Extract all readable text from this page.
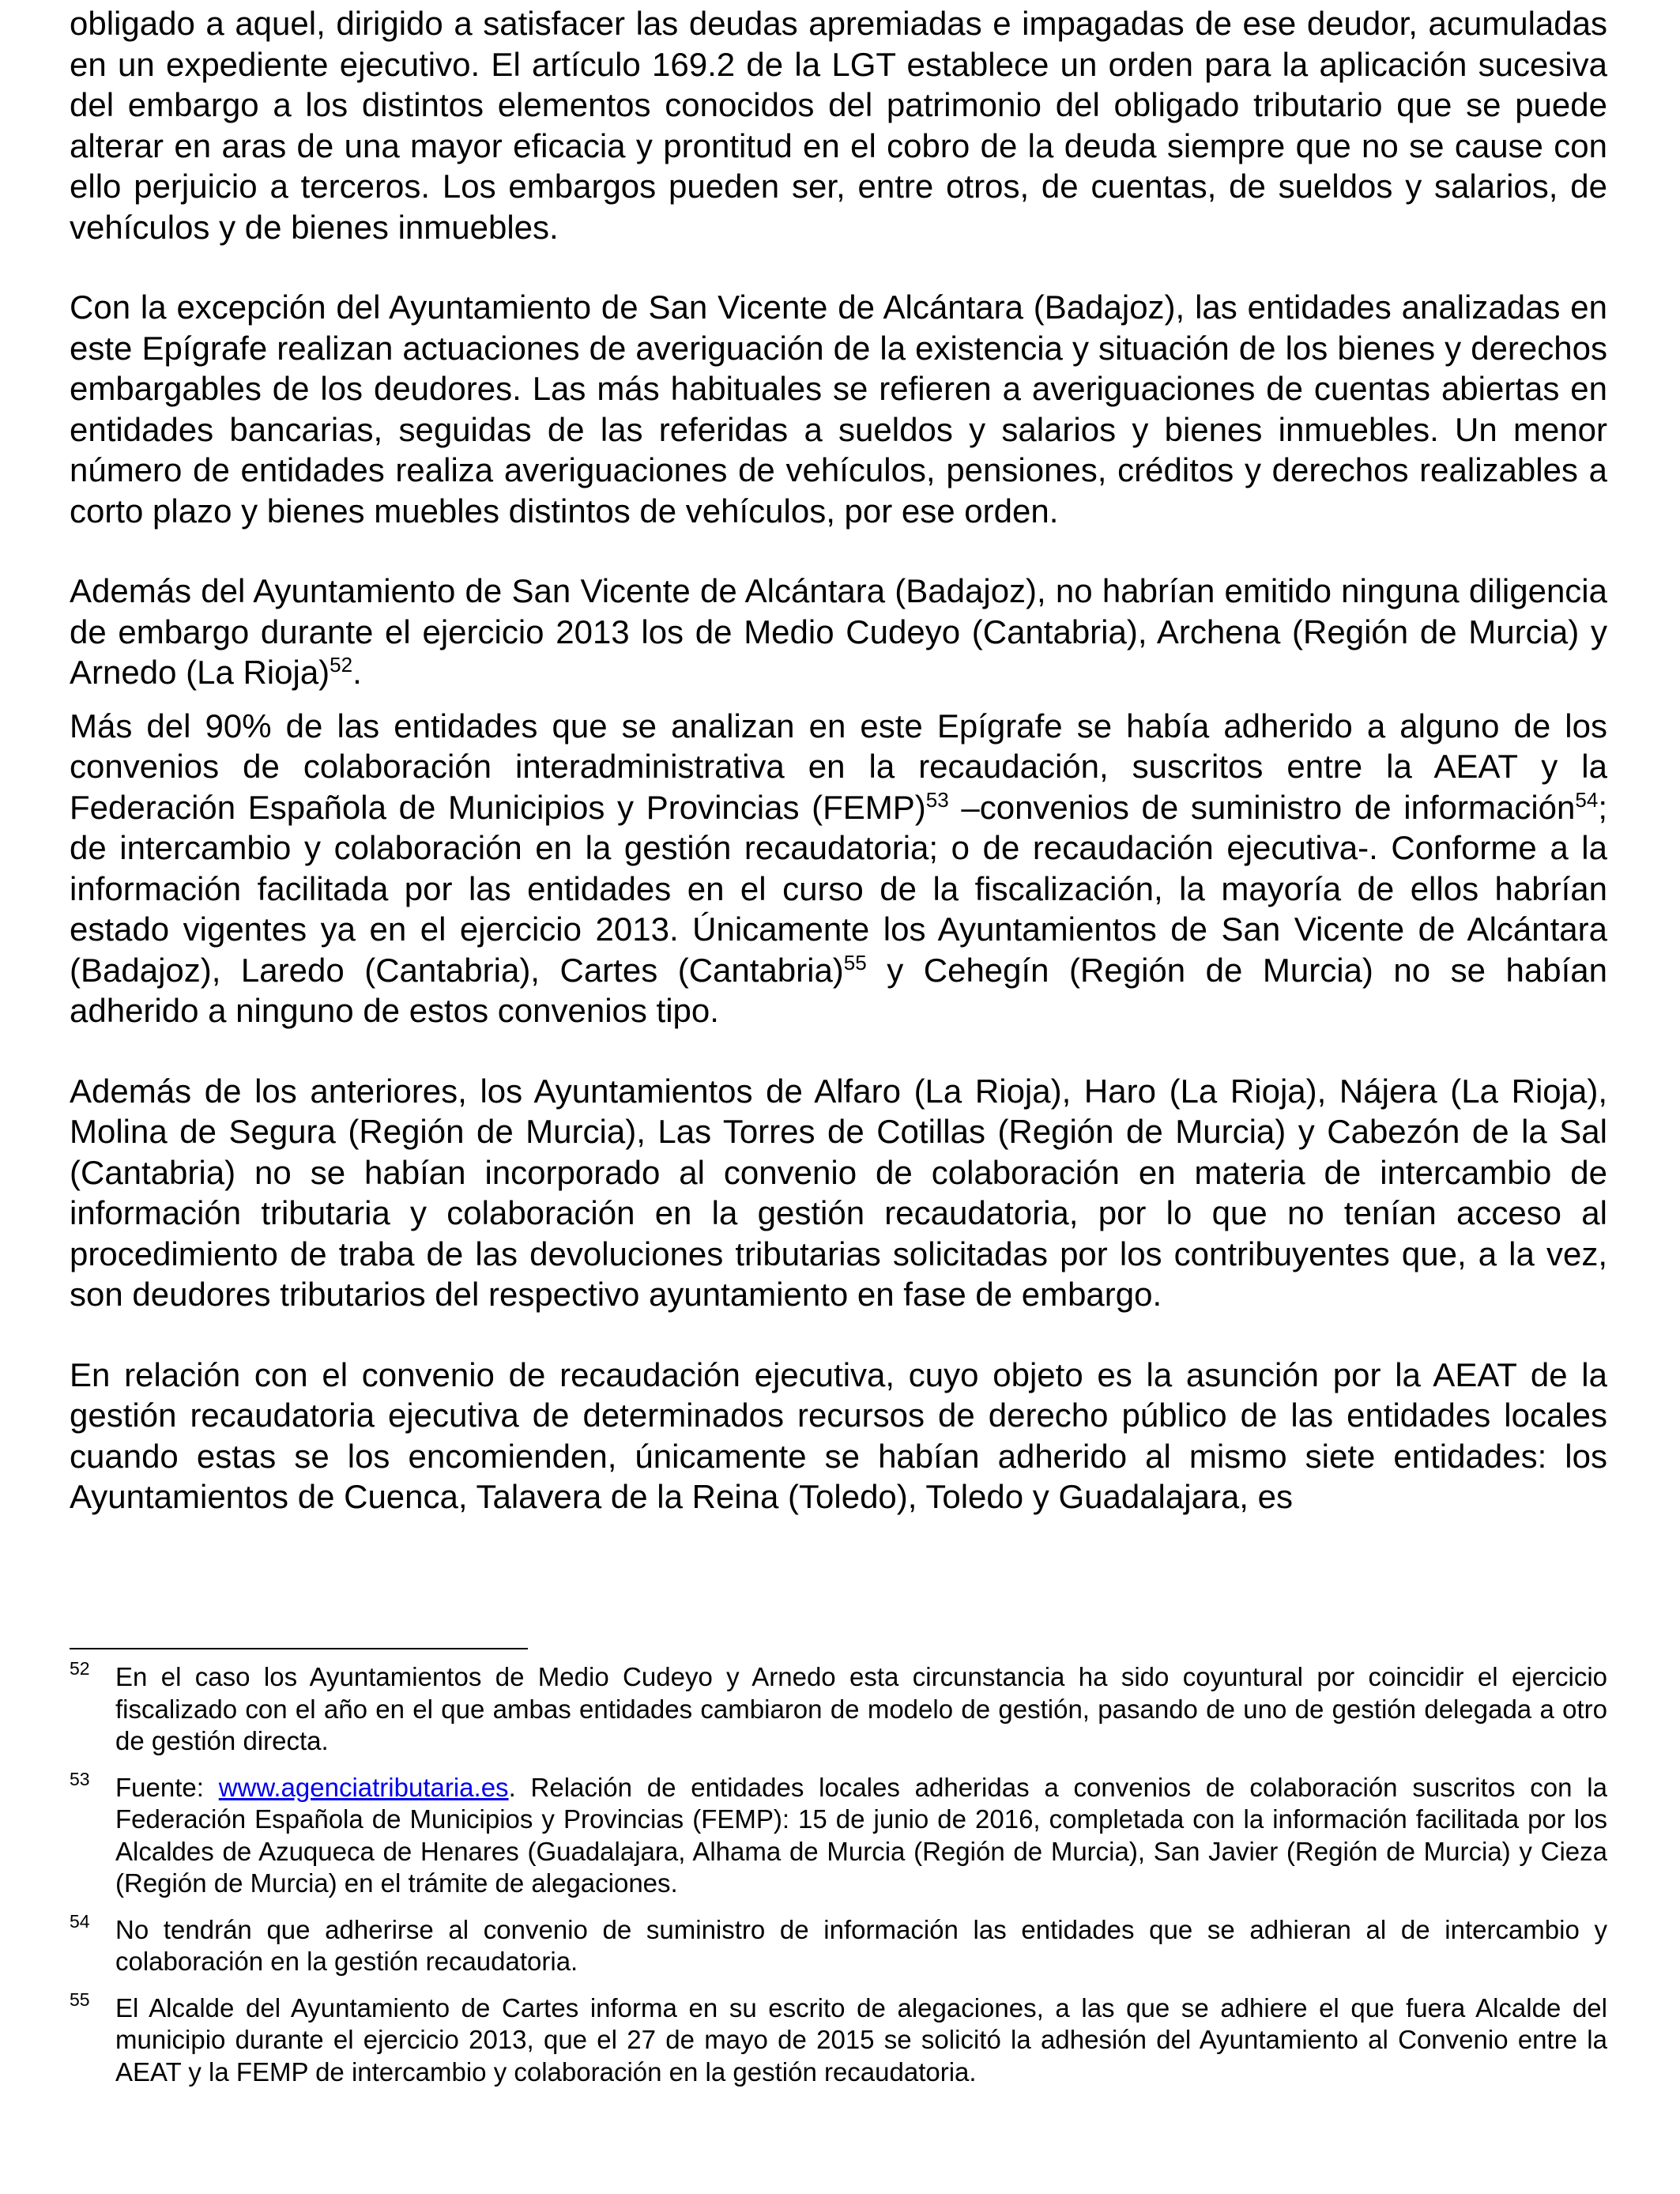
obligado a aquel, dirigido a satisfacer las deudas apremiadas e impagadas de ese deudor, acumuladas en un expediente ejecutivo. El artículo 169.2 de la LGT establece un orden para la aplicación sucesiva del embargo a los distintos elementos conocidos del patrimonio del obligado tributario que se puede alterar en aras de una mayor eficacia y prontitud en el cobro de la deuda siempre que no se cause con ello perjuicio a terceros. Los embargos pueden ser, entre otros, de cuentas, de sueldos y salarios, de vehículos y de bienes inmuebles.

Con la excepción del Ayuntamiento de San Vicente de Alcántara (Badajoz), las entidades analizadas en este Epígrafe realizan actuaciones de averiguación de la existencia y situación de los bienes y derechos embargables de los deudores. Las más habituales se refieren a averiguaciones de cuentas abiertas en entidades bancarias, seguidas de las referidas a sueldos y salarios y bienes inmuebles. Un menor número de entidades realiza averiguaciones de vehículos, pensiones, créditos y derechos realizables a corto plazo y bienes muebles distintos de vehículos, por ese orden.

Además del Ayuntamiento de San Vicente de Alcántara (Badajoz), no habrían emitido ninguna diligencia de embargo durante el ejercicio 2013 los de Medio Cudeyo (Cantabria), Archena (Región de Murcia) y Arnedo (La Rioja)$^{52}$.

Más del 90% de las entidades que se analizan en este Epígrafe se había adherido a alguno de los convenios de colaboración interadministrativa en la recaudación, suscritos entre la AEAT y la Federación Española de Municipios y Provincias (FEMP)$^{53}$ –convenios de suministro de información$^{54}$; de intercambio y colaboración en la gestión recaudatoria; o de recaudación ejecutiva-. Conforme a la información facilitada por las entidades en el curso de la fiscalización, la mayoría de ellos habrían estado vigentes ya en el ejercicio 2013. Únicamente los Ayuntamientos de San Vicente de Alcántara (Badajoz), Laredo (Cantabria), Cartes (Cantabria)$^{55}$ y Cehegín (Región de Murcia) no se habían adherido a ninguno de estos convenios tipo.

Además de los anteriores, los Ayuntamientos de Alfaro (La Rioja), Haro (La Rioja), Nájera (La Rioja), Molina de Segura (Región de Murcia), Las Torres de Cotillas (Región de Murcia) y Cabezón de la Sal (Cantabria) no se habían incorporado al convenio de colaboración en materia de intercambio de información tributaria y colaboración en la gestión recaudatoria, por lo que no tenían acceso al procedimiento de traba de las devoluciones tributarias solicitadas por los contribuyentes que, a la vez, son deudores tributarios del respectivo ayuntamiento en fase de embargo.

En relación con el convenio de recaudación ejecutiva, cuyo objeto es la asunción por la AEAT de la gestión recaudatoria ejecutiva de determinados recursos de derecho público de las entidades locales cuando estas se los encomienden, únicamente se habían adherido al mismo siete entidades: los Ayuntamientos de Cuenca, Talavera de la Reina (Toledo), Toledo y Guadalajara, es

52 En el caso los Ayuntamientos de Medio Cudeyo y Arnedo esta circunstancia ha sido coyuntural por coincidir el ejercicio fiscalizado con el año en el que ambas entidades cambiaron de modelo de gestión, pasando de uno de gestión delegada a otro de gestión directa.

53 Fuente: www.agenciatributaria.es. Relación de entidades locales adheridas a convenios de colaboración suscritos con la Federación Española de Municipios y Provincias (FEMP): 15 de junio de 2016, completada con la información facilitada por los Alcaldes de Azuqueca de Henares (Guadalajara, Alhama de Murcia (Región de Murcia), San Javier (Región de Murcia) y Cieza (Región de Murcia) en el trámite de alegaciones.

54 No tendrán que adherirse al convenio de suministro de información las entidades que se adhieran al de intercambio y colaboración en la gestión recaudatoria.

55 El Alcalde del Ayuntamiento de Cartes informa en su escrito de alegaciones, a las que se adhiere el que fuera Alcalde del municipio durante el ejercicio 2013, que el 27 de mayo de 2015 se solicitó la adhesión del Ayuntamiento al Convenio entre la AEAT y la FEMP de intercambio y colaboración en la gestión recaudatoria.
